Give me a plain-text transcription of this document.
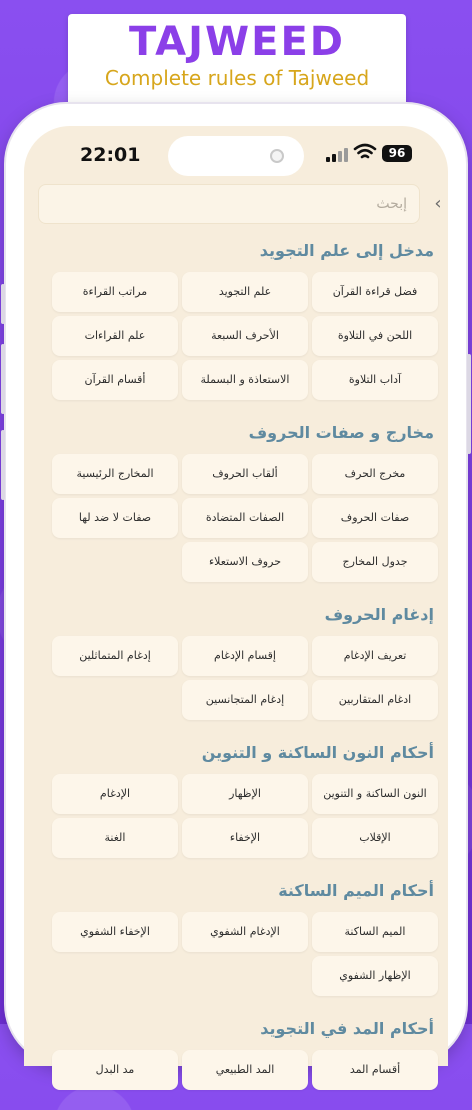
TAJWEED
Complete rules of Tajweed
22:01	96
إبحث
‹
مدخل إلى علم التجويد
فضل قراءة القرآن
علم التجويد
مراتب القراءة
اللحن في التلاوة
الأحرف السبعة
علم القراءات
آداب التلاوة
الاستعاذة و البسملة
أقسام القرآن
مخارج و صفات الحروف
مخرج الحرف
ألقاب الحروف
المخارج الرئيسية
صفات الحروف
الصفات المتضادة
صفات لا ضد لها
جدول المخارج
حروف الاستعلاء
إدغام الحروف
تعريف الإدغام
إقسام الإدغام
إدغام المتماثلين
ادغام المتقاربين
إدغام المتجانسين
أحكام النون الساكنة و التنوين
النون الساكنة و التنوين
الإظهار
الإدغام
الإقلاب
الإخفاء
الغنة
أحكام الميم الساكنة
الميم الساكنة
الإدغام الشفوي
الإخفاء الشفوي
الإظهار الشفوي
أحكام المد في التجويد
أقسام المد
المد الطبيعي
مد البدل
